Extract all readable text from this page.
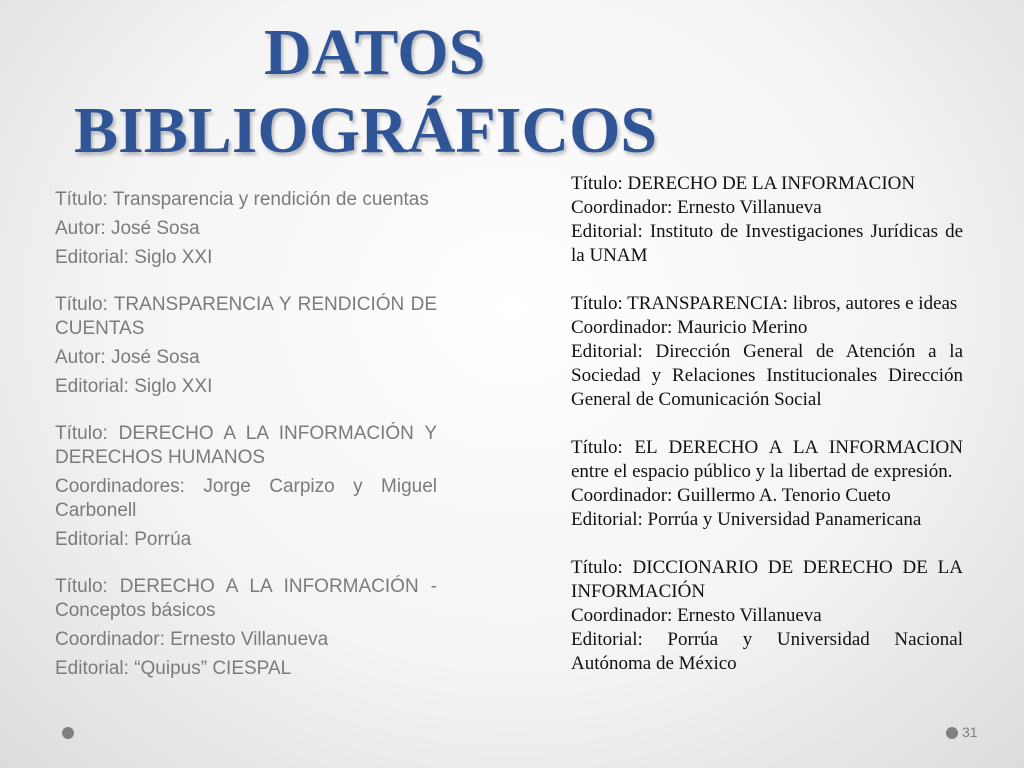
DATOS
BIBLIOGRÁFICOS

Título: Transparencia y rendición de cuentas

Autor: José Sosa

Editorial: Siglo XXI

Título: TRANSPARENCIA Y RENDICIÓN DE CUENTAS

Autor: José Sosa

Editorial: Siglo XXI

Título: DERECHO A LA INFORMACIÓN Y DERECHOS HUMANOS

Coordinadores: Jorge Carpizo y Miguel Carbonell

Editorial: Porrúa

Título: DERECHO A LA INFORMACIÓN - Conceptos básicos

Coordinador: Ernesto Villanueva

Editorial: “Quipus” CIESPAL

Título: DERECHO DE LA INFORMACION

Coordinador: Ernesto Villanueva

Editorial: Instituto de Investigaciones Jurídicas de la UNAM

Título: TRANSPARENCIA: libros, autores e ideas

Coordinador: Mauricio Merino

Editorial: Dirección General de Atención a la Sociedad y Relaciones Institucionales Dirección General de Comunicación Social

Título: EL DERECHO A LA INFORMACION entre el espacio público y la libertad de expresión.

Coordinador: Guillermo A. Tenorio Cueto

Editorial: Porrúa y Universidad Panamericana

Título: DICCIONARIO DE DERECHO DE LA INFORMACIÓN

Coordinador: Ernesto Villanueva

Editorial: Porrúa y Universidad Nacional Autónoma de México

31
